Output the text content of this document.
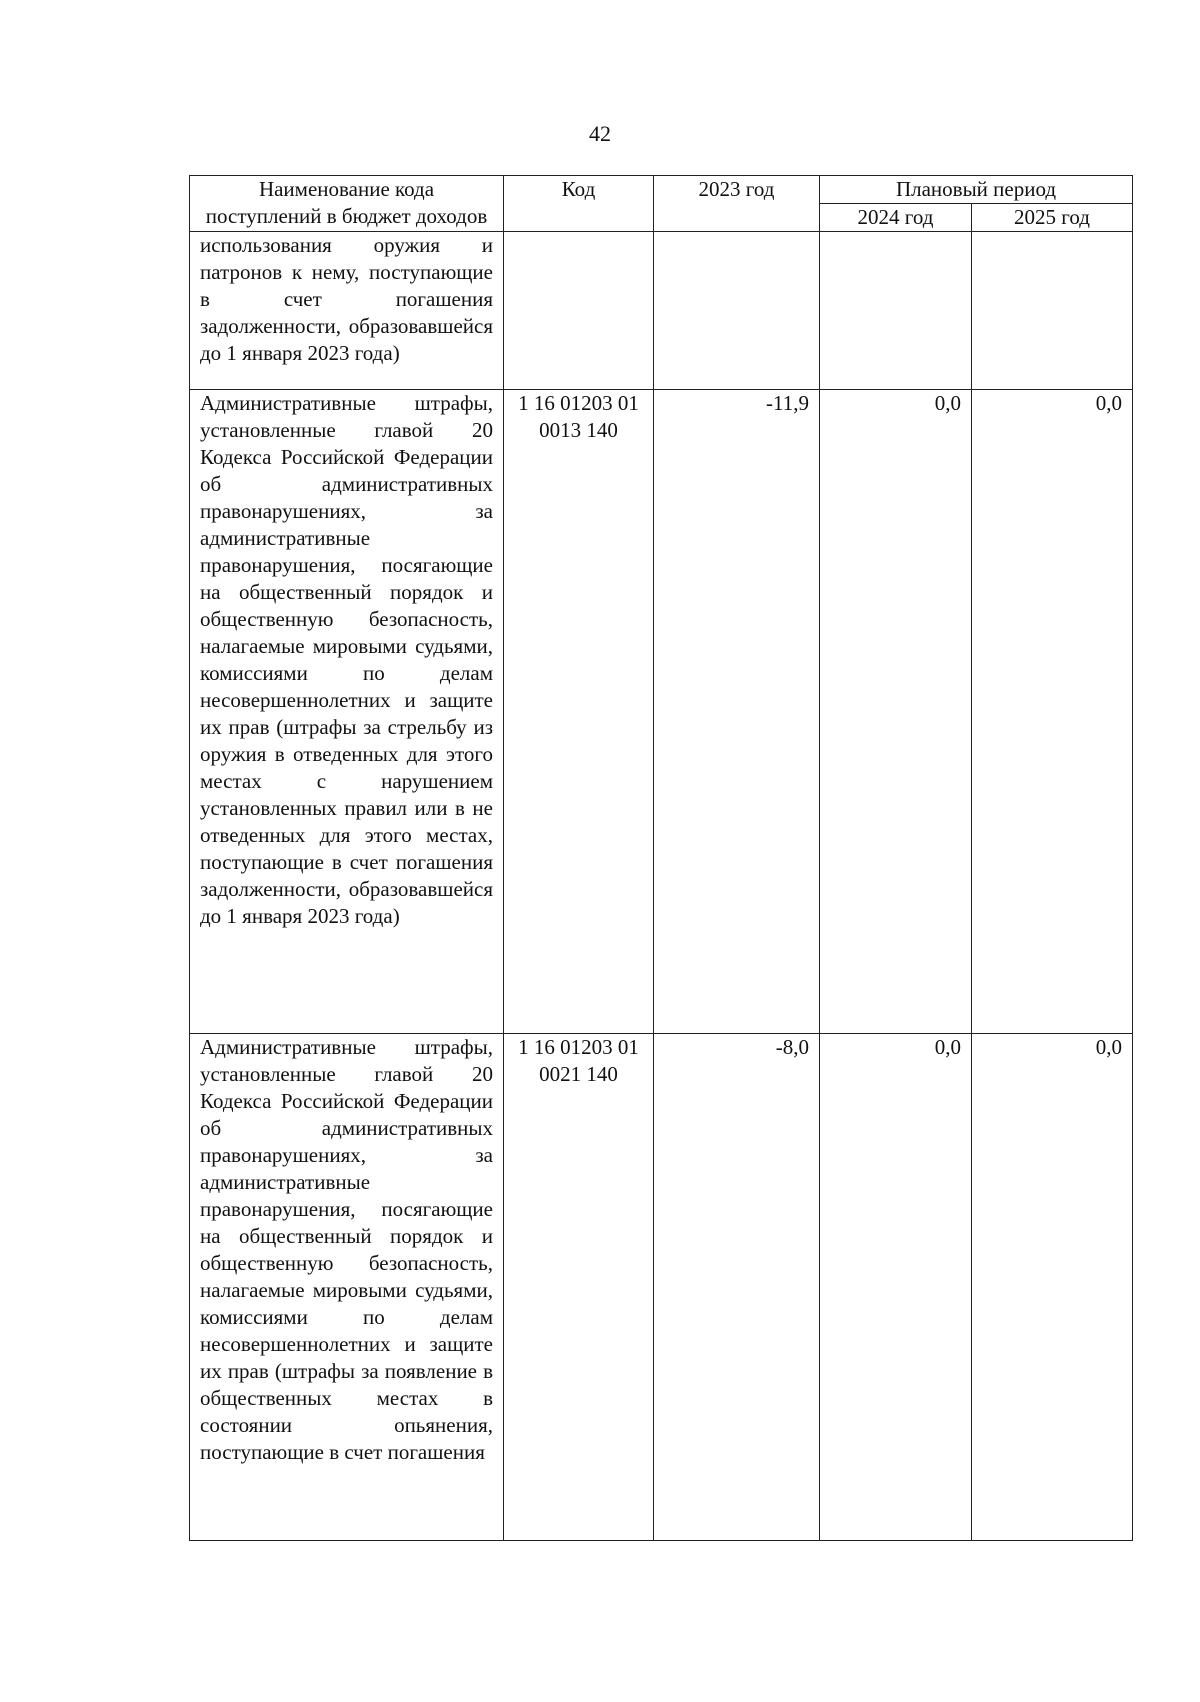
42
Наименование кода поступлений в бюджет доходов	Код	2023 год	Плановый период	
			2024 год	2025 год
использования оружия и патронов к нему, поступающие в счет погашения задолженности, образовавшейся до 1 января 2023 года)				
Административные штрафы, установленные главой 20 Кодекса Российской Федерации об административных правонарушениях, за административные правонарушения, посягающие на общественный порядок и общественную безопасность, налагаемые мировыми судьями, комиссиями по делам несовершеннолетних и защите их прав (штрафы за стрельбу из оружия в отведенных для этого местах с нарушением установленных правил или в не отведенных для этого местах, поступающие в счет погашения задолженности, образовавшейся до 1 января 2023 года)	1 16 01203 01 0013 140	-11,9	0,0	0,0
Административные штрафы, установленные главой 20 Кодекса Российской Федерации об административных правонарушениях, за административные правонарушения, посягающие на общественный порядок и общественную безопасность, налагаемые мировыми судьями, комиссиями по делам несовершеннолетних и защите их прав (штрафы за появление в общественных местах в состоянии опьянения, поступающие в счет погашения	1 16 01203 01 0021 140	-8,0	0,0	0,0
